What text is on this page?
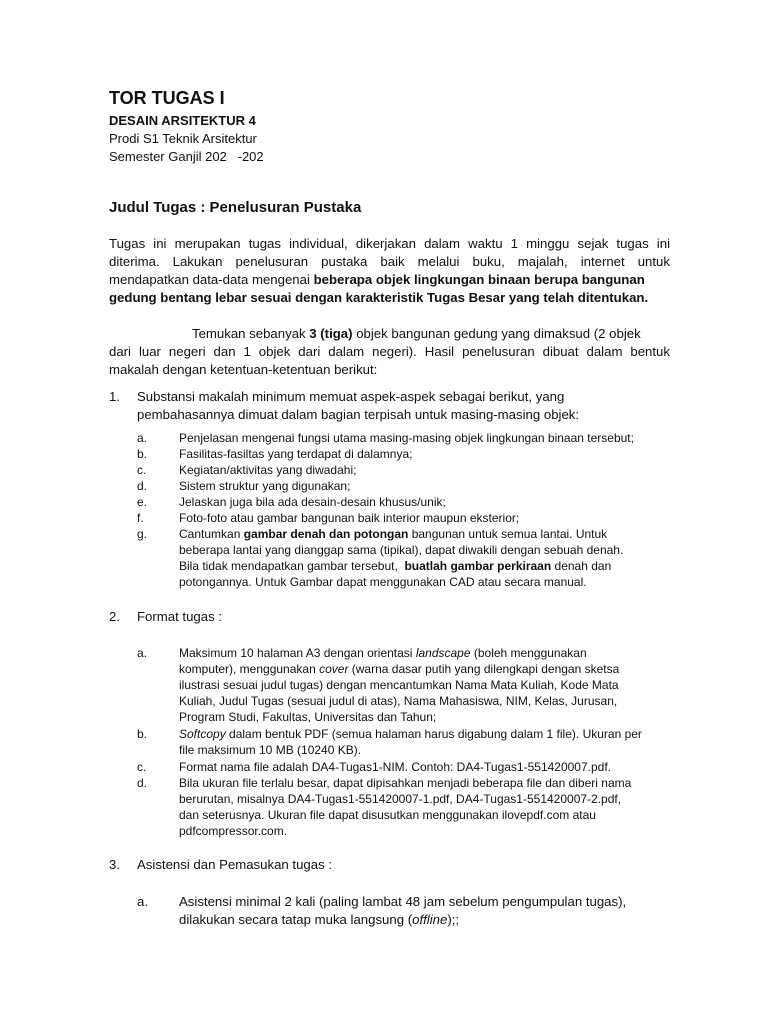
TOR TUGAS I
DESAIN ARSITEKTUR 4
Prodi S1 Teknik Arsitektur
Semester Ganjil 202   -202
Judul Tugas : Penelusuran Pustaka
Tugas ini merupakan tugas individual, dikerjakan dalam waktu 1 minggu sejak tugas ini
diterima. Lakukan penelusuran pustaka baik melalui buku, majalah, internet untuk
mendapatkan data-data mengenai beberapa objek lingkungan binaan berupa bangunan
gedung bentang lebar sesuai dengan karakteristik Tugas Besar yang telah ditentukan.
Temukan sebanyak 3 (tiga) objek bangunan gedung yang dimaksud (2 objek
dari luar negeri dan 1 objek dari dalam negeri). Hasil penelusuran dibuat dalam bentuk
makalah dengan ketentuan-ketentuan berikut:
1. Substansi makalah minimum memuat aspek-aspek sebagai berikut, yang
pembahasannya dimuat dalam bagian terpisah untuk masing-masing objek:
a.	Penjelasan mengenai fungsi utama masing-masing objek lingkungan binaan tersebut;
b.	Fasilitas-fasiltas yang terdapat di dalamnya;
c.	Kegiatan/aktivitas yang diwadahi;
d.	Sistem struktur yang digunakan;
e.	Jelaskan juga bila ada desain-desain khusus/unik;
f.	Foto-foto atau gambar bangunan baik interior maupun eksterior;
g.	Cantumkan gambar denah dan potongan bangunan untuk semua lantai. Untuk
beberapa lantai yang dianggap sama (tipikal), dapat diwakili dengan sebuah denah.
Bila tidak mendapatkan gambar tersebut,  buatlah gambar perkiraan denah dan
potongannya. Untuk Gambar dapat menggunakan CAD atau secara manual.
2. Format tugas :
a.	Maksimum 10 halaman A3 dengan orientasi landscape (boleh menggunakan
komputer), menggunakan cover (warna dasar putih yang dilengkapi dengan sketsa
ilustrasi sesuai judul tugas) dengan mencantumkan Nama Mata Kuliah, Kode Mata
Kuliah, Judul Tugas (sesuai judul di atas), Nama Mahasiswa, NIM, Kelas, Jurusan,
Program Studi, Fakultas, Universitas dan Tahun;
b.	Softcopy dalam bentuk PDF (semua halaman harus digabung dalam 1 file). Ukuran per
file maksimum 10 MB (10240 KB).
c.	Format nama file adalah DA4-Tugas1-NIM. Contoh: DA4-Tugas1-551420007.pdf.
d.	Bila ukuran file terlalu besar, dapat dipisahkan menjadi beberapa file dan diberi nama
berurutan, misalnya DA4-Tugas1-551420007-1.pdf, DA4-Tugas1-551420007-2.pdf,
dan seterusnya. Ukuran file dapat disusutkan menggunakan ilovepdf.com atau
pdfcompressor.com.
3. Asistensi dan Pemasukan tugas :
a. Asistensi minimal 2 kali (paling lambat 48 jam sebelum pengumpulan tugas),
dilakukan secara tatap muka langsung (offline);;
